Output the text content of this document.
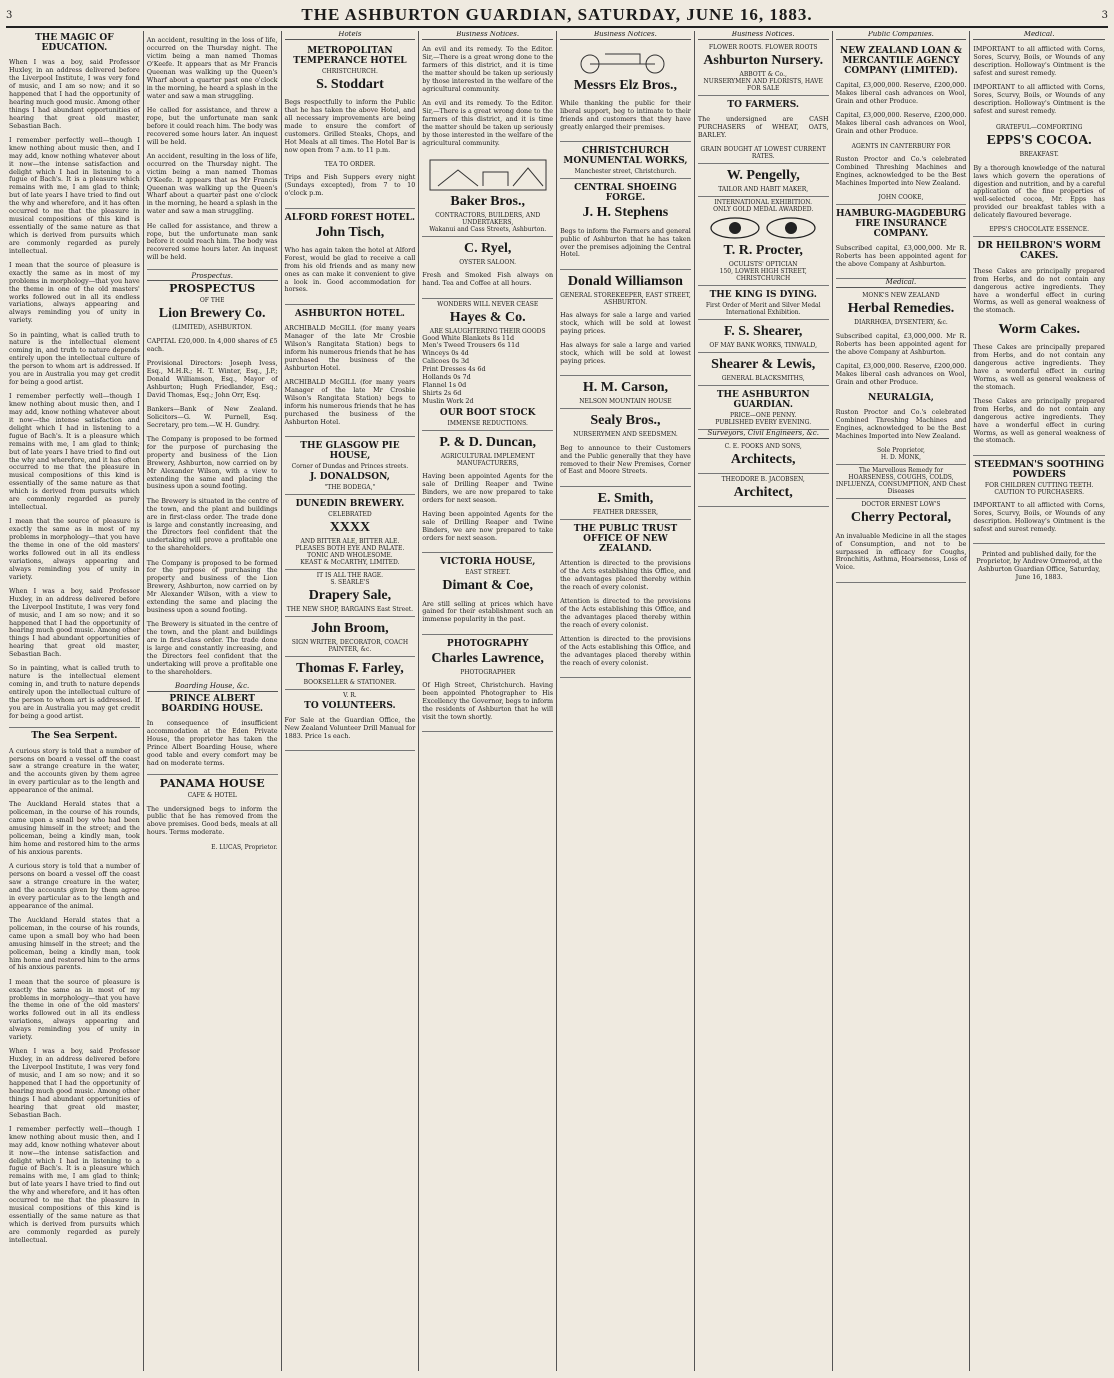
3	THE ASHBURTON GUARDIAN, SATURDAY, JUNE 16, 1883.	3
THE MAGIC OF EDUCATION.

When I was a boy, said Professor Huxley, in an address delivered before the Liverpool Institute, I was very fond of music, and I am so now; and it so happened that I had the opportunity of hearing much good music. Among other things I had abundant opportunities of hearing that great old master, Sebastian Bach.

I remember perfectly well—though I knew nothing about music then, and I may add, know nothing whatever about it now—the intense satisfaction and delight which I had in listening to a fugue of Bach's. It is a pleasure which remains with me, I am glad to think; but of late years I have tried to find out the why and wherefore, and it has often occurred to me that the pleasure in musical compositions of this kind is essentially of the same nature as that which is derived from pursuits which are commonly regarded as purely intellectual.

I mean that the source of pleasure is exactly the same as in most of my problems in morphology—that you have the theme in one of the old masters' works followed out in all its endless variations, always appearing and always reminding you of unity in variety.

So in painting, what is called truth to nature is the intellectual element coming in, and truth to nature depends entirely upon the intellectual culture of the person to whom art is addressed. If you are in Australia you may get credit for being a good artist.

I remember perfectly well—though I knew nothing about music then, and I may add, know nothing whatever about it now—the intense satisfaction and delight which I had in listening to a fugue of Bach's. It is a pleasure which remains with me, I am glad to think; but of late years I have tried to find out the why and wherefore, and it has often occurred to me that the pleasure in musical compositions of this kind is essentially of the same nature as that which is derived from pursuits which are commonly regarded as purely intellectual.

I mean that the source of pleasure is exactly the same as in most of my problems in morphology—that you have the theme in one of the old masters' works followed out in all its endless variations, always appearing and always reminding you of unity in variety.

When I was a boy, said Professor Huxley, in an address delivered before the Liverpool Institute, I was very fond of music, and I am so now; and it so happened that I had the opportunity of hearing much good music. Among other things I had abundant opportunities of hearing that great old master, Sebastian Bach.

So in painting, what is called truth to nature is the intellectual element coming in, and truth to nature depends entirely upon the intellectual culture of the person to whom art is addressed. If you are in Australia you may get credit for being a good artist.

The Sea Serpent.

A curious story is told that a number of persons on board a vessel off the coast saw a strange creature in the water, and the accounts given by them agree in every particular as to the length and appearance of the animal.

The Auckland Herald states that a policeman, in the course of his rounds, came upon a small boy who had been amusing himself in the street; and the policeman, being a kindly man, took him home and restored him to the arms of his anxious parents.

A curious story is told that a number of persons on board a vessel off the coast saw a strange creature in the water, and the accounts given by them agree in every particular as to the length and appearance of the animal.

The Auckland Herald states that a policeman, in the course of his rounds, came upon a small boy who had been amusing himself in the street; and the policeman, being a kindly man, took him home and restored him to the arms of his anxious parents.

I mean that the source of pleasure is exactly the same as in most of my problems in morphology—that you have the theme in one of the old masters' works followed out in all its endless variations, always appearing and always reminding you of unity in variety.

When I was a boy, said Professor Huxley, in an address delivered before the Liverpool Institute, I was very fond of music, and I am so now; and it so happened that I had the opportunity of hearing much good music. Among other things I had abundant opportunities of hearing that great old master, Sebastian Bach.

I remember perfectly well—though I knew nothing about music then, and I may add, know nothing whatever about it now—the intense satisfaction and delight which I had in listening to a fugue of Bach's. It is a pleasure which remains with me, I am glad to think; but of late years I have tried to find out the why and wherefore, and it has often occurred to me that the pleasure in musical compositions of this kind is essentially of the same nature as that which is derived from pursuits which are commonly regarded as purely intellectual.

An accident, resulting in the loss of life, occurred on the Thursday night. The victim being a man named Thomas O'Keefe. It appears that as Mr Francis Queenan was walking up the Queen's Wharf about a quarter past one o'clock in the morning, he heard a splash in the water and saw a man struggling.

He called for assistance, and threw a rope, but the unfortunate man sank before it could reach him. The body was recovered some hours later. An inquest will be held.

An accident, resulting in the loss of life, occurred on the Thursday night. The victim being a man named Thomas O'Keefe. It appears that as Mr Francis Queenan was walking up the Queen's Wharf about a quarter past one o'clock in the morning, he heard a splash in the water and saw a man struggling.

He called for assistance, and threw a rope, but the unfortunate man sank before it could reach him. The body was recovered some hours later. An inquest will be held.

Prospectus.
PROSPECTUS
OF THE
Lion Brewery Co.
(LIMITED), ASHBURTON.

CAPITAL £20,000. In 4,000 shares of £5 each.

Provisional Directors: Joseph Ivess, Esq., M.H.R.; H. T. Winter, Esq., J.P.; Donald Williamson, Esq., Mayor of Ashburton; Hugh Friedlander, Esq.; David Thomas, Esq.; John Orr, Esq.

Bankers—Bank of New Zealand. Solicitors—G. W. Purnell, Esq. Secretary, pro tem.—W. H. Gundry.

The Company is proposed to be formed for the purpose of purchasing the property and business of the Lion Brewery, Ashburton, now carried on by Mr Alexander Wilson, with a view to extending the same and placing the business upon a sound footing.

The Brewery is situated in the centre of the town, and the plant and buildings are in first-class order. The trade done is large and constantly increasing, and the Directors feel confident that the undertaking will prove a profitable one to the shareholders.

The Company is proposed to be formed for the purpose of purchasing the property and business of the Lion Brewery, Ashburton, now carried on by Mr Alexander Wilson, with a view to extending the same and placing the business upon a sound footing.

The Brewery is situated in the centre of the town, and the plant and buildings are in first-class order. The trade done is large and constantly increasing, and the Directors feel confident that the undertaking will prove a profitable one to the shareholders.

Boarding House, &c.
PRINCE ALBERT BOARDING HOUSE.

In consequence of insufficient accommodation at the Eden Private House, the proprietor has taken the Prince Albert Boarding House, where good table and every comfort may be had on moderate terms.

PANAMA HOUSE
CAFE & HOTEL

The undersigned begs to inform the public that he has removed from the above premises. Good beds, meals at all hours. Terms moderate.

E. LUCAS, Proprietor.
Hotels
METROPOLITAN TEMPERANCE HOTEL
CHRISTCHURCH.
S. Stoddart

Begs respectfully to inform the Public that he has taken the above Hotel, and all necessary improvements are being made to ensure the comfort of customers. Grilled Steaks, Chops, and Hot Meals at all times. The Hotel Bar is now open from 7 a.m. to 11 p.m.

TEA TO ORDER.

Trips and Fish Suppers every night (Sundays excepted), from 7 to 10 o'clock p.m.

ALFORD FOREST HOTEL.
John Tisch,

Who has again taken the hotel at Alford Forest, would be glad to receive a call from his old friends and as many new ones as can make it convenient to give a look in. Good accommodation for horses.

ASHBURTON HOTEL.

ARCHIBALD McGILL (for many years Manager of the late Mr Crosbie Wilson's Rangitata Station) begs to inform his numerous friends that he has purchased the business of the Ashburton Hotel.

ARCHIBALD McGILL (for many years Manager of the late Mr Crosbie Wilson's Rangitata Station) begs to inform his numerous friends that he has purchased the business of the Ashburton Hotel.

THE GLASGOW PIE HOUSE,
Corner of Dundas and Princes streets.
J. DONALDSON,
"THE BODEGA,"
DUNEDIN BREWERY.
CELEBRATED
XXXX
AND BITTER ALE, BITTER ALE.
PLEASES BOTH EYE AND PALATE.
TONIC AND WHOLESOME.
KEAST & McCARTHY, LIMITED.
IT IS ALL THE RAGE.
S. SEARLE'S
Drapery Sale,
THE NEW SHOP, BARGAINS East Street.
John Broom,
SIGN WRITER, DECORATOR, COACH PAINTER, &c.
Thomas F. Farley,
BOOKSELLER & STATIONER.
V. R.
TO VOLUNTEERS.

For Sale at the Guardian Office, the New Zealand Volunteer Drill Manual for 1883. Price 1s each.

Business Notices.

An evil and its remedy. To the Editor. Sir,—There is a great wrong done to the farmers of this district, and it is time the matter should be taken up seriously by those interested in the welfare of the agricultural community.

An evil and its remedy. To the Editor. Sir,—There is a great wrong done to the farmers of this district, and it is time the matter should be taken up seriously by those interested in the welfare of the agricultural community.

Baker Bros.,
CONTRACTORS, BUILDERS, AND UNDERTAKERS,
Wakanui and Cass Streets, Ashburton.
C. Ryel,
OYSTER SALOON.

Fresh and Smoked Fish always on hand. Tea and Coffee at all hours.

WONDERS WILL NEVER CEASE
Hayes & Co.
ARE SLAUGHTERING THEIR GOODS
Good White Blankets 8s 11d
Men's Tweed Trousers 6s 11d
Winceys 0s 4d
Calicoes 0s 3d
Print Dresses 4s 6d
Hollands 0s 7d
Flannel 1s 0d
Shirts 2s 6d
Muslin Work 2d
OUR BOOT STOCK
IMMENSE REDUCTIONS.
P. & D. Duncan,
AGRICULTURAL IMPLEMENT MANUFACTURERS,

Having been appointed Agents for the sale of Drilling Reaper and Twine Binders, we are now prepared to take orders for next season.

Having been appointed Agents for the sale of Drilling Reaper and Twine Binders, we are now prepared to take orders for next season.

VICTORIA HOUSE,
EAST STREET.
Dimant & Coe,

Are still selling at prices which have gained for their establishment such an immense popularity in the past.

PHOTOGRAPHY
Charles Lawrence,
PHOTOGRAPHER

Of High Street, Christchurch. Having been appointed Photographer to His Excellency the Governor, begs to inform the residents of Ashburton that he will visit the town shortly.

Business Notices.
Messrs Elz Bros.,

While thanking the public for their liberal support, beg to intimate to their friends and customers that they have greatly enlarged their premises.

CHRISTCHURCH MONUMENTAL WORKS,
Manchester street, Christchurch.
CENTRAL SHOEING FORGE.
J. H. Stephens

Begs to inform the Farmers and general public of Ashburton that he has taken over the premises adjoining the Central Hotel.

Donald Williamson
GENERAL STOREKEEPER, EAST STREET, ASHBURTON.

Has always for sale a large and varied stock, which will be sold at lowest paying prices.

Has always for sale a large and varied stock, which will be sold at lowest paying prices.

H. M. Carson,
NELSON MOUNTAIN HOUSE
Sealy Bros.,
NURSERYMEN AND SEEDSMEN.

Beg to announce to their Customers and the Public generally that they have removed to their New Premises, Corner of East and Moore Streets.

E. Smith,
FEATHER DRESSER,
THE PUBLIC TRUST OFFICE OF NEW ZEALAND.

Attention is directed to the provisions of the Acts establishing this Office, and the advantages placed thereby within the reach of every colonist.

Attention is directed to the provisions of the Acts establishing this Office, and the advantages placed thereby within the reach of every colonist.

Attention is directed to the provisions of the Acts establishing this Office, and the advantages placed thereby within the reach of every colonist.

Business Notices.
FLOWER ROOTS. FLOWER ROOTS
Ashburton Nursery.
ABBOTT & Co.,
NURSERYMEN AND FLORISTS, HAVE FOR SALE
TO FARMERS.

The undersigned are CASH PURCHASERS of WHEAT, OATS, BARLEY.

GRAIN BOUGHT AT LOWEST CURRENT RATES.
W. Pengelly,
TAILOR AND HABIT MAKER,
INTERNATIONAL EXHIBITION.
ONLY GOLD MEDAL AWARDED.
T. R. Procter,
OCULISTS' OPTICIAN
150, LOWER HIGH STREET, CHRISTCHURCH
THE KING IS DYING.
First Order of Merit and Silver Medal International Exhibition.
F. S. Shearer,
OF MAY BANK WORKS, TINWALD,
Shearer & Lewis,
GENERAL BLACKSMITHS,
THE ASHBURTON GUARDIAN.
PRICE—ONE PENNY.
PUBLISHED EVERY EVENING.
Surveyors, Civil Engineers, &c.
C. E. FOOKS AND SONS,
Architects,
THEODORE B. JACOBSEN,
Architect,
Public Companies.
NEW ZEALAND LOAN & MERCANTILE AGENCY COMPANY (LIMITED).

Capital, £3,000,000. Reserve, £200,000. Makes liberal cash advances on Wool, Grain and other Produce.

Capital, £3,000,000. Reserve, £200,000. Makes liberal cash advances on Wool, Grain and other Produce.

AGENTS IN CANTERBURY FOR

Ruston Proctor and Co.'s celebrated Combined Threshing Machines and Engines, acknowledged to be the Best Machines Imported into New Zealand.

JOHN COOKE,
HAMBURG-MAGDEBURG FIRE INSURANCE COMPANY.

Subscribed capital, £3,000,000. Mr R. Roberts has been appointed agent for the above Company at Ashburton.

Medical.
MONK'S NEW ZEALAND
Herbal Remedies.
DIARRHŒA, DYSENTERY, &c.

Subscribed capital, £3,000,000. Mr R. Roberts has been appointed agent for the above Company at Ashburton.

Capital, £3,000,000. Reserve, £200,000. Makes liberal cash advances on Wool, Grain and other Produce.

NEURALGIA,

Ruston Proctor and Co.'s celebrated Combined Threshing Machines and Engines, acknowledged to be the Best Machines Imported into New Zealand.

Sole Proprietor,
H. D. MONK,
The Marvellous Remedy for
HOARSENESS, COUGHS, COLDS, INFLUENZA, CONSUMPTION, AND Chest Diseases
DOCTOR ERNEST LOW'S
Cherry Pectoral,

An invaluable Medicine in all the stages of Consumption, and not to be surpassed in efficacy for Coughs, Bronchitis, Asthma, Hoarseness, Loss of Voice.

Medical.

IMPORTANT to all afflicted with Corns, Sores, Scurvy, Boils, or Wounds of any description. Holloway's Ointment is the safest and surest remedy.

IMPORTANT to all afflicted with Corns, Sores, Scurvy, Boils, or Wounds of any description. Holloway's Ointment is the safest and surest remedy.

GRATEFUL—COMFORTING
EPPS'S COCOA.
BREAKFAST.

By a thorough knowledge of the natural laws which govern the operations of digestion and nutrition, and by a careful application of the fine properties of well-selected cocoa, Mr. Epps has provided our breakfast tables with a delicately flavoured beverage.

EPPS'S CHOCOLATE ESSENCE.
DR HEILBRON'S WORM CAKES.

These Cakes are principally prepared from Herbs, and do not contain any dangerous active ingredients. They have a wonderful effect in curing Worms, as well as general weakness of the stomach.

Worm Cakes.

These Cakes are principally prepared from Herbs, and do not contain any dangerous active ingredients. They have a wonderful effect in curing Worms, as well as general weakness of the stomach.

These Cakes are principally prepared from Herbs, and do not contain any dangerous active ingredients. They have a wonderful effect in curing Worms, as well as general weakness of the stomach.

STEEDMAN'S SOOTHING POWDERS
FOR CHILDREN CUTTING TEETH.
CAUTION TO PURCHASERS.

IMPORTANT to all afflicted with Corns, Sores, Scurvy, Boils, or Wounds of any description. Holloway's Ointment is the safest and surest remedy.

Printed and published daily, for the Proprietor, by Andrew Ormerod, at the Ashburton Guardian Office, Saturday, June 16, 1883.
